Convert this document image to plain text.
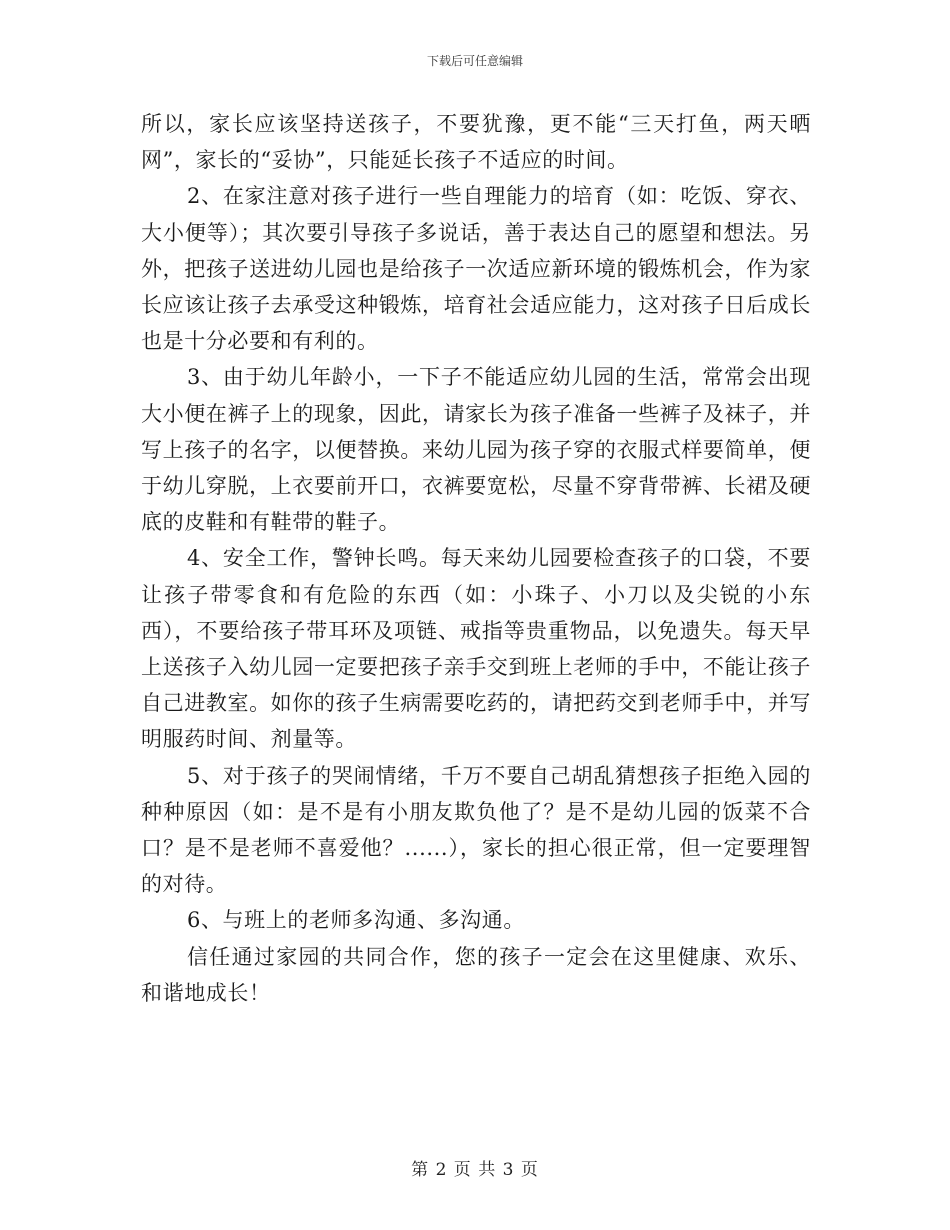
下载后可任意编辑

所以，家长应该坚持送孩子，不要犹豫，更不能“三天打鱼，两天晒网”，家长的“妥协”，只能延长孩子不适应的时间。

2、在家注意对孩子进行一些自理能力的培育（如：吃饭、穿衣、大小便等）；其次要引导孩子多说话，善于表达自己的愿望和想法。另外，把孩子送进幼儿园也是给孩子一次适应新环境的锻炼机会，作为家长应该让孩子去承受这种锻炼，培育社会适应能力，这对孩子日后成长也是十分必要和有利的。

3、由于幼儿年龄小，一下子不能适应幼儿园的生活，常常会出现大小便在裤子上的现象，因此，请家长为孩子准备一些裤子及袜子，并写上孩子的名字，以便替换。来幼儿园为孩子穿的衣服式样要简单，便于幼儿穿脱，上衣要前开口，衣裤要宽松，尽量不穿背带裤、长裙及硬底的皮鞋和有鞋带的鞋子。

4、安全工作，警钟长鸣。每天来幼儿园要检查孩子的口袋，不要让孩子带零食和有危险的东西（如：小珠子、小刀以及尖锐的小东西），不要给孩子带耳环及项链、戒指等贵重物品，以免遗失。每天早上送孩子入幼儿园一定要把孩子亲手交到班上老师的手中，不能让孩子自己进教室。如你的孩子生病需要吃药的，请把药交到老师手中，并写明服药时间、剂量等。

5、对于孩子的哭闹情绪，千万不要自己胡乱猜想孩子拒绝入园的种种原因（如：是不是有小朋友欺负他了？是不是幼儿园的饭菜不合口？是不是老师不喜爱他？......），家长的担心很正常，但一定要理智的对待。

6、与班上的老师多沟通、多沟通。

信任通过家园的共同合作，您的孩子一定会在这里健康、欢乐、和谐地成长！

第 2 页 共 3 页
